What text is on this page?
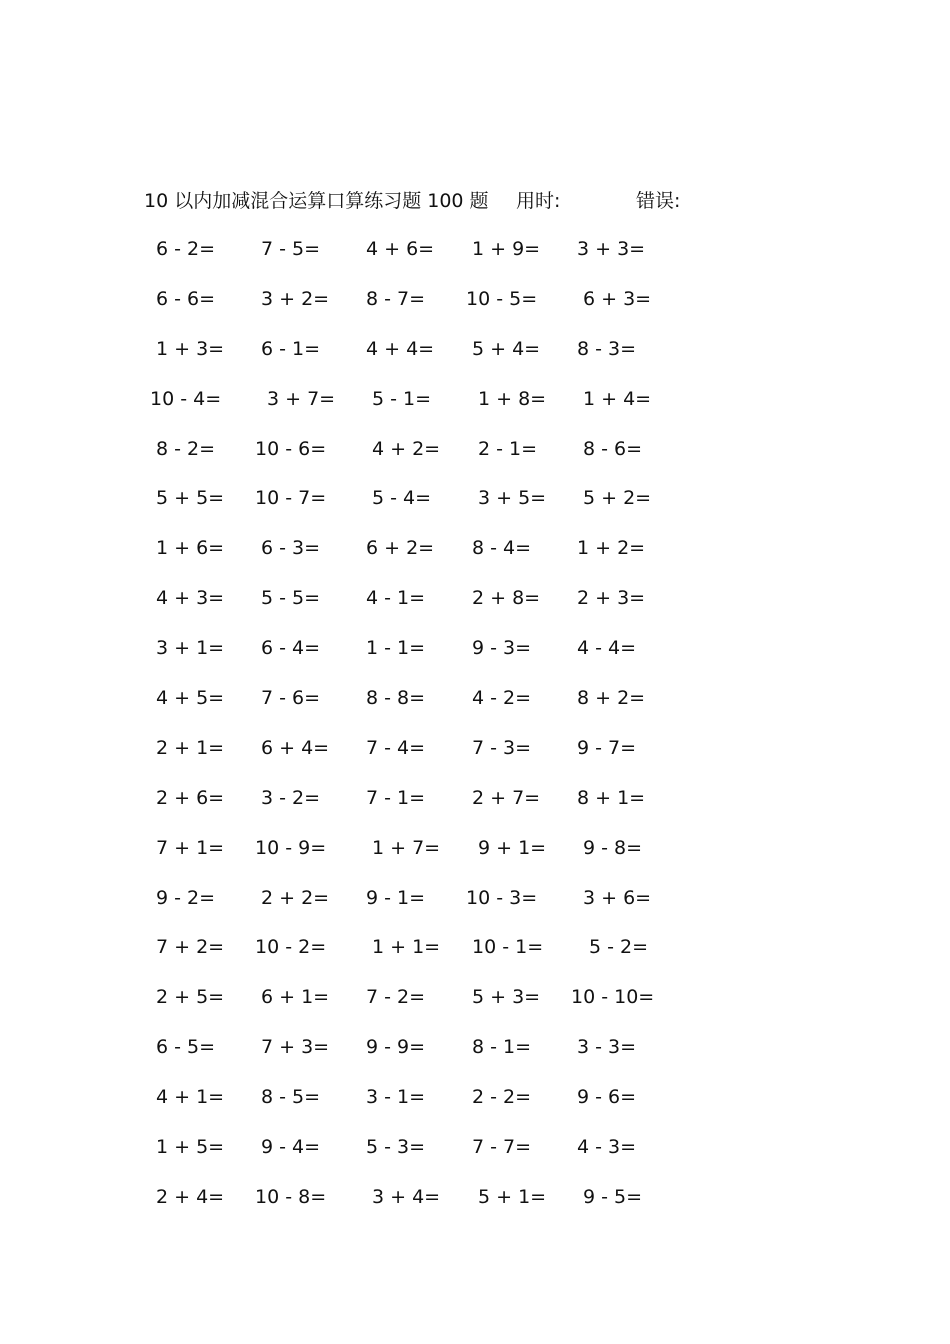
10 以内加减混合运算口算练习题 100 题 用时:	错误:
6 - 2= 7 - 5= 4 + 6= 1 + 9= 3 + 3=
6 - 6= 3 + 2= 8 - 7= 10 - 5= 6 + 3=
1 + 3= 6 - 1= 4 + 4= 5 + 4= 8 - 3=
10 - 4= 3 + 7= 5 - 1= 1 + 8= 1 + 4=
8 - 2= 10 - 6= 4 + 2= 2 - 1= 8 - 6=
5 + 5= 10 - 7= 5 - 4= 3 + 5= 5 + 2=
1 + 6= 6 - 3= 6 + 2= 8 - 4= 1 + 2=
4 + 3= 5 - 5= 4 - 1= 2 + 8= 2 + 3=
3 + 1= 6 - 4= 1 - 1= 9 - 3= 4 - 4=
4 + 5= 7 - 6= 8 - 8= 4 - 2= 8 + 2=
2 + 1= 6 + 4= 7 - 4= 7 - 3= 9 - 7=
2 + 6= 3 - 2= 7 - 1= 2 + 7= 8 + 1=
7 + 1= 10 - 9= 1 + 7= 9 + 1= 9 - 8=
9 - 2= 2 + 2= 9 - 1= 10 - 3= 3 + 6=
7 + 2= 10 - 2= 1 + 1= 10 - 1= 5 - 2=
2 + 5= 6 + 1= 7 - 2= 5 + 3= 10 - 10=
6 - 5= 7 + 3= 9 - 9= 8 - 1= 3 - 3=
4 + 1= 8 - 5= 3 - 1= 2 - 2= 9 - 6=
1 + 5= 9 - 4= 5 - 3= 7 - 7= 4 - 3=
2 + 4= 10 - 8= 3 + 4= 5 + 1= 9 - 5=
